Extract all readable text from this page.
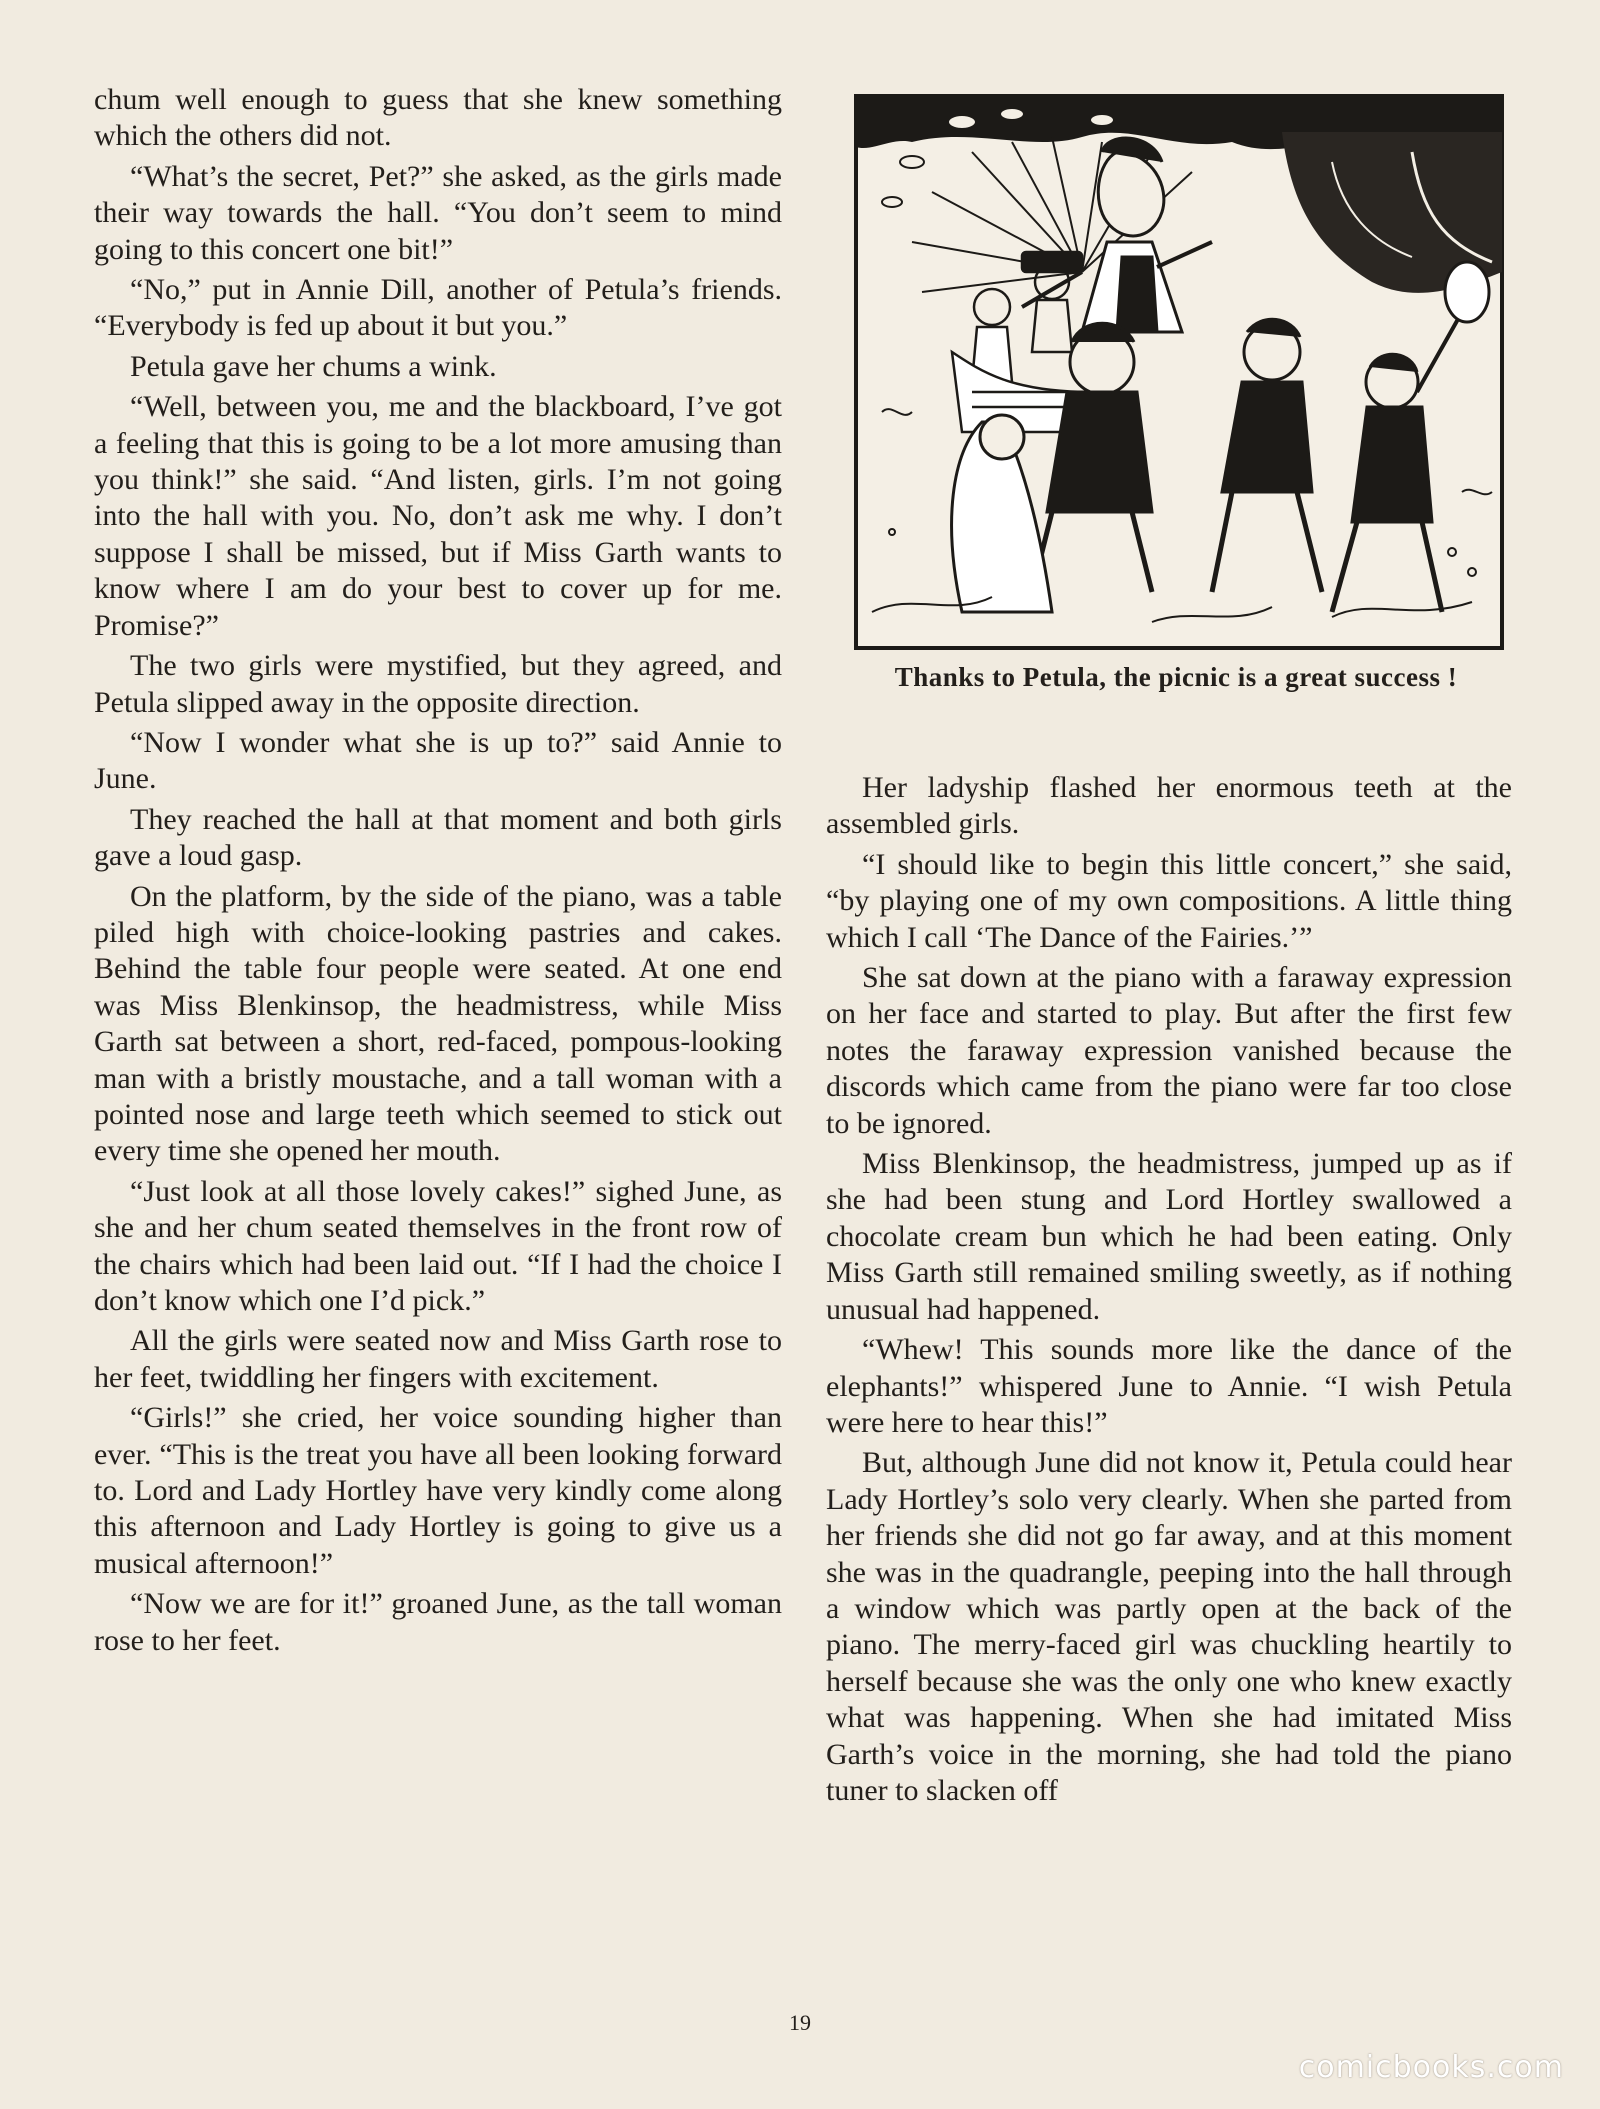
chum well enough to guess that she knew something which the others did not.

“What’s the secret, Pet?” she asked, as the girls made their way towards the hall. “You don’t seem to mind going to this concert one bit!”

“No,” put in Annie Dill, another of Petula’s friends. “Everybody is fed up about it but you.”

Petula gave her chums a wink.

“Well, between you, me and the blackboard, I’ve got a feeling that this is going to be a lot more amusing than you think!” she said. “And listen, girls. I’m not going into the hall with you. No, don’t ask me why. I don’t suppose I shall be missed, but if Miss Garth wants to know where I am do your best to cover up for me. Promise?”

The two girls were mystified, but they agreed, and Petula slipped away in the opposite direction.

“Now I wonder what she is up to?” said Annie to June.

They reached the hall at that moment and both girls gave a loud gasp.

On the platform, by the side of the piano, was a table piled high with choice-looking pastries and cakes. Behind the table four people were seated. At one end was Miss Blenkinsop, the headmistress, while Miss Garth sat between a short, red-faced, pompous-looking man with a bristly moustache, and a tall woman with a pointed nose and large teeth which seemed to stick out every time she opened her mouth.

“Just look at all those lovely cakes!” sighed June, as she and her chum seated themselves in the front row of the chairs which had been laid out. “If I had the choice I don’t know which one I’d pick.”

All the girls were seated now and Miss Garth rose to her feet, twiddling her fingers with excitement.

“Girls!” she cried, her voice sounding higher than ever. “This is the treat you have all been looking forward to. Lord and Lady Hortley have very kindly come along this afternoon and Lady Hortley is going to give us a musical afternoon!”

“Now we are for it!” groaned June, as the tall woman rose to her feet.

Thanks to Petula, the picnic is a great success !

Her ladyship flashed her enormous teeth at the assembled girls.

“I should like to begin this little concert,” she said, “by playing one of my own compositions. A little thing which I call ‘The Dance of the Fairies.’”

She sat down at the piano with a faraway expression on her face and started to play. But after the first few notes the faraway expression vanished because the discords which came from the piano were far too close to be ignored.

Miss Blenkinsop, the headmistress, jumped up as if she had been stung and Lord Hortley swallowed a chocolate cream bun which he had been eating. Only Miss Garth still remained smiling sweetly, as if nothing unusual had happened.

“Whew! This sounds more like the dance of the elephants!” whispered June to Annie. “I wish Petula were here to hear this!”

But, although June did not know it, Petula could hear Lady Hortley’s solo very clearly. When she parted from her friends she did not go far away, and at this moment she was in the quadrangle, peeping into the hall through a window which was partly open at the back of the piano. The merry-faced girl was chuckling heartily to herself because she was the only one who knew exactly what was happening. When she had imitated Miss Garth’s voice in the morning, she had told the piano tuner to slacken off

19
comicbooks.com
